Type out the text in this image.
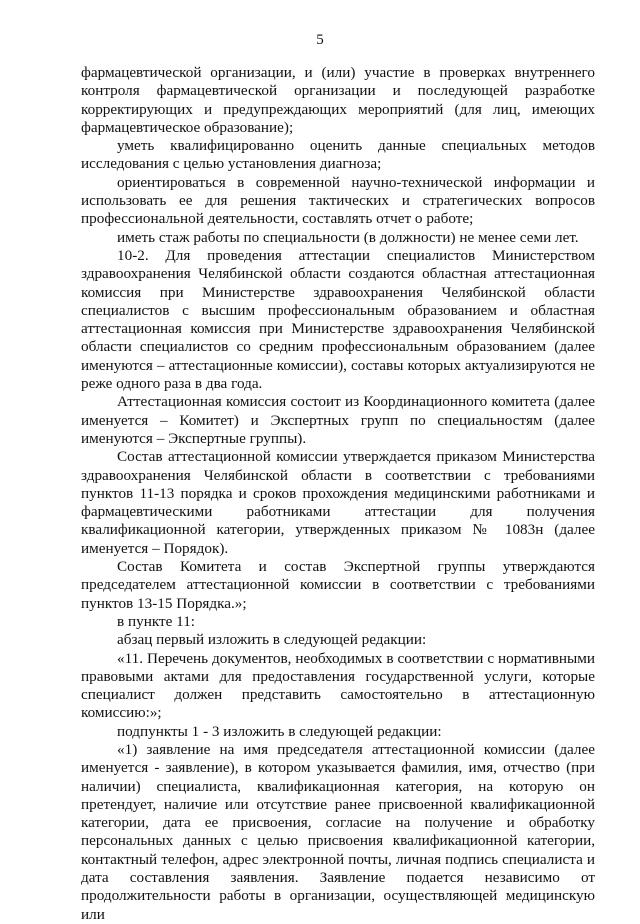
5

фармацевтической организации, и (или) участие в проверках внутреннего контроля фармацевтической организации и последующей разработке корректирующих и предупреждающих мероприятий (для лиц, имеющих фармацевтическое образование);

уметь квалифицированно оценить данные специальных методов исследования с целью установления диагноза;

ориентироваться в современной научно-технической информации и использовать ее для решения тактических и стратегических вопросов профессиональной деятельности, составлять отчет о работе;

иметь стаж работы по специальности (в должности) не менее семи лет.

10-2. Для проведения аттестации специалистов Министерством здравоохранения Челябинской области создаются областная аттестационная комиссия при Министерстве здравоохранения Челябинской области специалистов с высшим профессиональным образованием и областная аттестационная комиссия при Министерстве здравоохранения Челябинской области специалистов со средним профессиональным образованием (далее именуются – аттестационные комиссии), составы которых актуализируются не реже одного раза в два года.

Аттестационная комиссия состоит из Координационного комитета (далее именуется – Комитет) и Экспертных групп по специальностям (далее именуются – Экспертные группы).

Состав аттестационной комиссии утверждается приказом Министерства здравоохранения Челябинской области в соответствии с требованиями пунктов 11-13 порядка и сроков прохождения медицинскими работниками и фармацевтическими работниками аттестации для получения квалификационной категории, утвержденных приказом № 1083н (далее именуется – Порядок).

Состав Комитета и состав Экспертной группы утверждаются председателем аттестационной комиссии в соответствии с требованиями пунктов 13-15 Порядка.»;

в пункте 11:

абзац первый изложить в следующей редакции:

«11. Перечень документов, необходимых в соответствии с нормативными правовыми актами для предоставления государственной услуги, которые специалист должен представить самостоятельно в аттестационную комиссию:»;

подпункты 1 - 3 изложить в следующей редакции:

«1) заявление на имя председателя аттестационной комиссии (далее именуется - заявление), в котором указывается фамилия, имя, отчество (при наличии) специалиста, квалификационная категория, на которую он претендует, наличие или отсутствие ранее присвоенной квалификационной категории, дата ее присвоения, согласие на получение и обработку персональных данных с целью присвоения квалификационной категории, контактный телефон, адрес электронной почты, личная подпись специалиста и дата составления заявления. Заявление подается независимо от продолжительности работы в организации, осуществляющей медицинскую или
